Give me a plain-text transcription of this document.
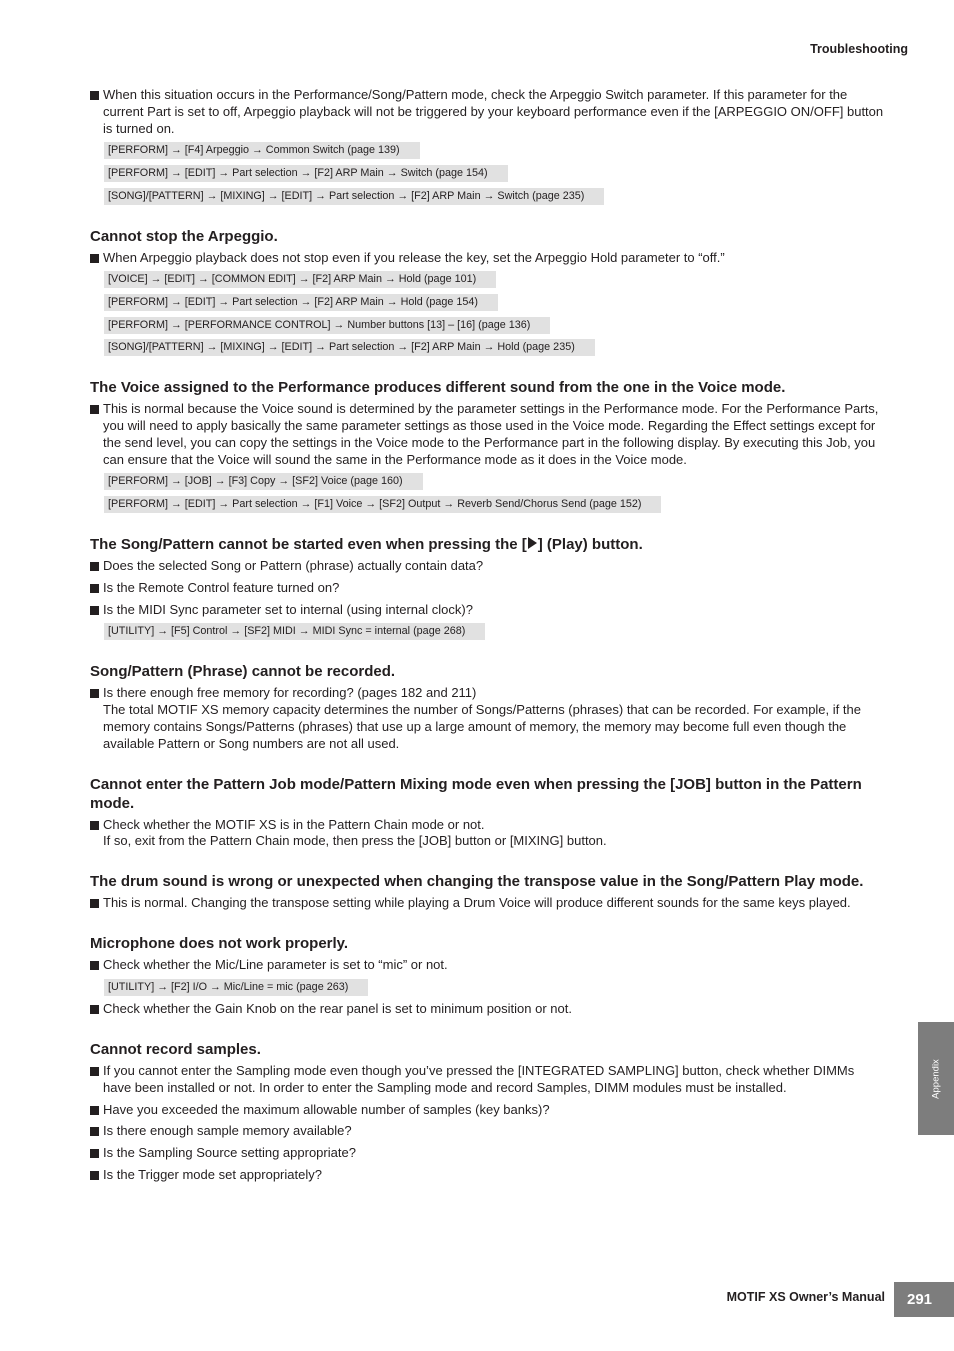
Troubleshooting
When this situation occurs in the Performance/Song/Pattern mode, check the Arpeggio Switch parameter. If this parameter for the current Part is set to off, Arpeggio playback will not be triggered by your keyboard performance even if the [ARPEGGIO ON/OFF] button is turned on.
[PERFORM] → [F4] Arpeggio → Common Switch (page 139)
[PERFORM] → [EDIT] → Part selection → [F2] ARP Main → Switch (page 154)
[SONG]/[PATTERN] → [MIXING] → [EDIT] → Part selection → [F2] ARP Main → Switch (page 235)
Cannot stop the Arpeggio.
When Arpeggio playback does not stop even if you release the key, set the Arpeggio Hold parameter to “off.”
[VOICE] → [EDIT] → [COMMON EDIT] → [F2] ARP Main → Hold (page 101)
[PERFORM] → [EDIT] → Part selection → [F2] ARP Main → Hold (page 154)
[PERFORM] → [PERFORMANCE CONTROL] → Number buttons [13] – [16] (page 136)
[SONG]/[PATTERN] → [MIXING] → [EDIT] → Part selection → [F2] ARP Main → Hold (page 235)
The Voice assigned to the Performance produces different sound from the one in the Voice mode.
This is normal because the Voice sound is determined by the parameter settings in the Performance mode. For the Performance Parts, you will need to apply basically the same parameter settings as those used in the Voice mode. Regarding the Effect settings except for the send level, you can copy the settings in the Voice mode to the Performance part in the following display. By executing this Job, you can ensure that the Voice will sound the same in the Performance mode as it does in the Voice mode.
[PERFORM] → [JOB] → [F3] Copy → [SF2] Voice (page 160)
[PERFORM] → [EDIT] → Part selection → [F1] Voice → [SF2] Output → Reverb Send/Chorus Send (page 152)
The Song/Pattern cannot be started even when pressing the [ ] (Play) button.
Does the selected Song or Pattern (phrase) actually contain data?
Is the Remote Control feature turned on?
Is the MIDI Sync parameter set to internal (using internal clock)?
[UTILITY] → [F5] Control → [SF2] MIDI → MIDI Sync = internal (page 268)
Song/Pattern (Phrase) cannot be recorded.
Is there enough free memory for recording? (pages 182 and 211)
The total MOTIF XS memory capacity determines the number of Songs/Patterns (phrases) that can be recorded. For example, if the memory contains Songs/Patterns (phrases) that use up a large amount of memory, the memory may become full even though the available Pattern or Song numbers are not all used.
Cannot enter the Pattern Job mode/Pattern Mixing mode even when pressing the [JOB] button in the Pattern mode.
Check whether the MOTIF XS is in the Pattern Chain mode or not.
If so, exit from the Pattern Chain mode, then press the [JOB] button or [MIXING] button.
The drum sound is wrong or unexpected when changing the transpose value in the Song/Pattern Play mode.
This is normal. Changing the transpose setting while playing a Drum Voice will produce different sounds for the same keys played.
Microphone does not work properly.
Check whether the Mic/Line parameter is set to “mic” or not.
[UTILITY] → [F2] I/O → Mic/Line = mic (page 263)
Check whether the Gain Knob on the rear panel is set to minimum position or not.
Cannot record samples.
If you cannot enter the Sampling mode even though you’ve pressed the [INTEGRATED SAMPLING] button, check whether DIMMs have been installed or not. In order to enter the Sampling mode and record Samples, DIMM modules must be installed.
Have you exceeded the maximum allowable number of samples (key banks)?
Is there enough sample memory available?
Is the Sampling Source setting appropriate?
Is the Trigger mode set appropriately?
Appendix
MOTIF XS Owner’s Manual	291
